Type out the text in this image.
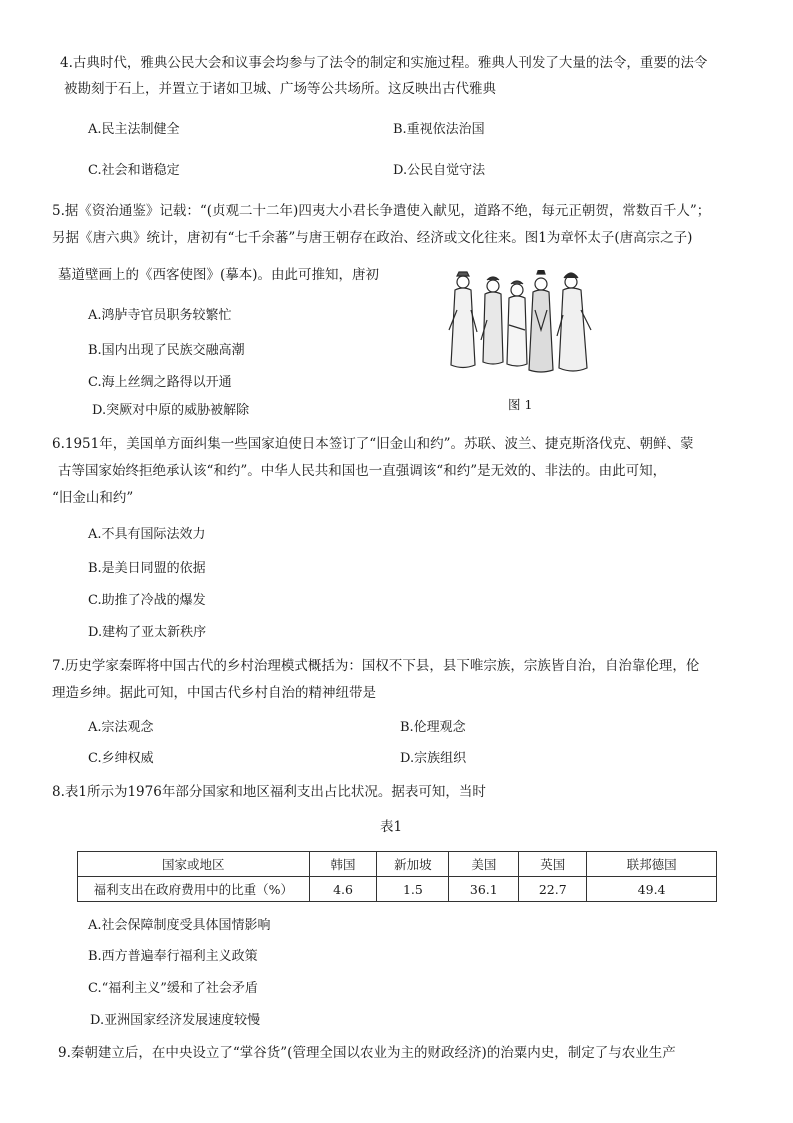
4.古典时代，雅典公民大会和议事会均参与了法令的制定和实施过程。雅典人刊发了大量的法令，重要的法令
被勘刻于石上，并置立于诸如卫城、广场等公共场所。这反映出古代雅典
A.民主法制健全	B.重视依法治国
C.社会和谐稳定	D.公民自觉守法
5.据《资治通鉴》记载：“(贞观二十二年)四夷大小君长争遣使入献见，道路不绝，每元正朝贺，常数百千人”；
另据《唐六典》统计，唐初有“七千余蕃”与唐王朝存在政治、经济或文化往来。图1为章怀太子(唐高宗之子)
墓道壁画上的《西客使图》(摹本)。由此可推知，唐初
A.鸿胪寺官员职务较繁忙
B.国内出现了民族交融高潮
C.海上丝绸之路得以开通
D.突厥对中原的威胁被解除	图 1
6.1951年，美国单方面纠集一些国家迫使日本签订了“旧金山和约”。苏联、波兰、捷克斯洛伐克、朝鲜、蒙
古等国家始终拒绝承认该“和约”。中华人民共和国也一直强调该“和约”是无效的、非法的。由此可知，
“旧金山和约”
A.不具有国际法效力
B.是美日同盟的依据
C.助推了冷战的爆发
D.建构了亚太新秩序
7.历史学家秦晖将中国古代的乡村治理模式概括为：国权不下县，县下唯宗族，宗族皆自治，自治靠伦理，伦
理造乡绅。据此可知，中国古代乡村自治的精神纽带是
A.宗法观念	B.伦理观念
C.乡绅权威	D.宗族组织
8.表1所示为1976年部分国家和地区福利支出占比状况。据表可知，当时
表1
国家或地区	韩国	新加坡	美国	英国	联邦德国
福利支出在政府费用中的比重（%）	4.6	1.5	36.1	22.7	49.4
A.社会保障制度受具体国情影响
B.西方普遍奉行福利主义政策
C.“福利主义”缓和了社会矛盾
D.亚洲国家经济发展速度较慢
9.秦朝建立后，在中央设立了“掌谷货”(管理全国以农业为主的财政经济)的治粟内史，制定了与农业生产
